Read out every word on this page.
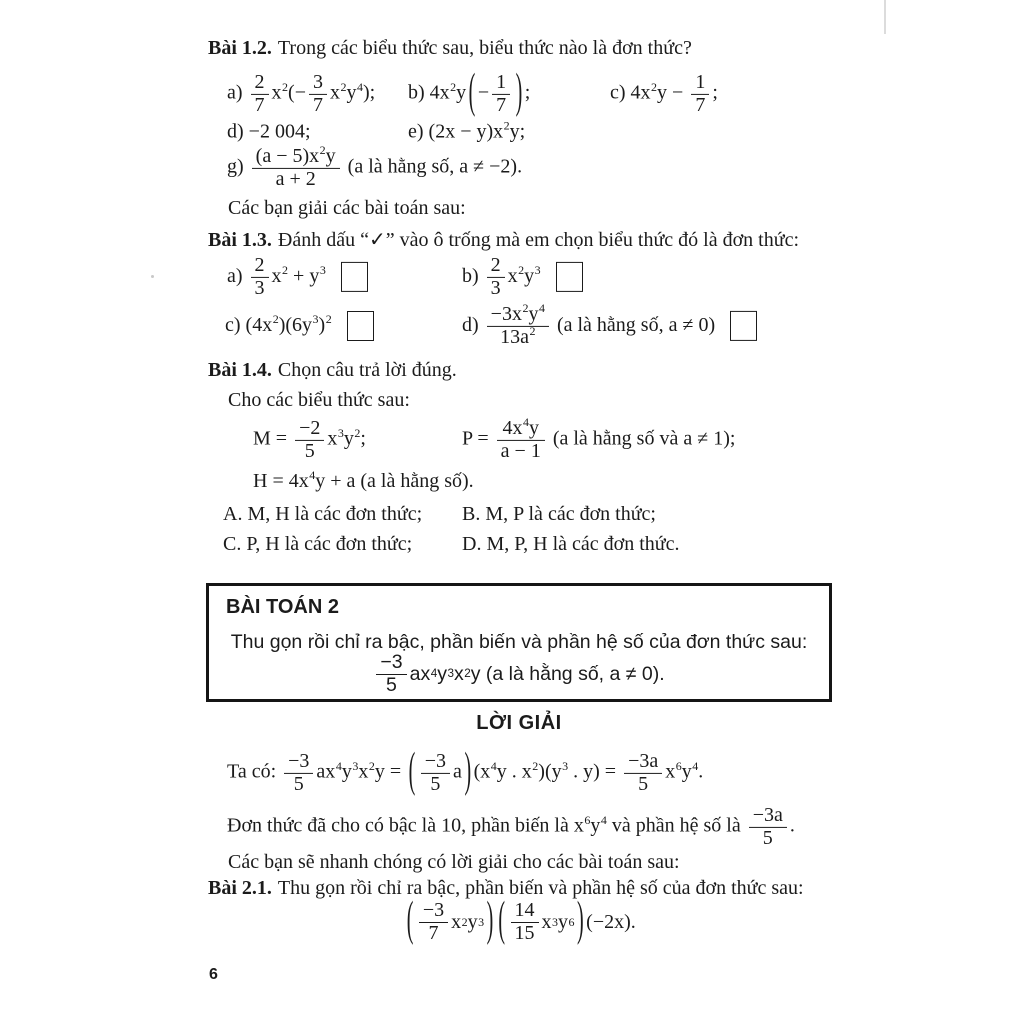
Bài 1.2. Trong các biểu thức sau, biểu thức nào là đơn thức?
$a) \frac{2}{7} x^2(- \frac{3}{7} x^2y^4)$; b) $4x^2y$ ( − $\frac{1}{7}$ ) ;	c) $4x^2y - \frac{1}{7}$ ;
d) −2 004;	e) $(2x - y)x^2y$;
$g) \frac{(a - 5)x^2y}{a + 2} (a$ là hằng số, a ≠ −2).
Các bạn giải các bài toán sau:
Bài 1.3. Đánh dấu “✓” vào ô trống mà em chọn biểu thức đó là đơn thức:
$a) \frac{2}{3} x^2 + y^3$	$b) \frac{2}{3} x^2y^3$
c) $(4x^2)(6y^3)^2$	$d) \frac{-3x^2y^4}{13a^2} (a$ là hằng số, a ≠ 0)
Bài 1.4. Chọn câu trả lời đúng.
Cho các biểu thức sau:
$M = \frac{-2}{5} x^3y^2$;	$P = \frac{4x^4y}{a - 1} (a$ là hằng số và a ≠ 1);
$H = 4x^4y + a$ (a là hằng số).
A. M, H là các đơn thức; B. M, P là các đơn thức;
C. P, H là các đơn thức; D. M, P, H là các đơn thức.
BÀI TOÁN 2
Thu gọn rồi chỉ ra bậc, phần biến và phần hệ số của đơn thức sau:
$\frac{-3}{5}$ ax 4 y 3 x 2 y (a là hằng số, a ≠ 0).
LỜI GIẢI
Ta có: $\frac{-3}{5} ax^4y^3x^2y$ = ( $\frac{-3}{5}$ a ) ($x^4y$ . $x^2)(y^3$ . $y) = \frac{-3a}{5} x^6y^4$.
Đơn thức đã cho có bậc là 10, phần biến là $x^6y^4$ và phần hệ số là $\frac{-3a}{5}$ .
Các bạn sẽ nhanh chóng có lời giải cho các bài toán sau:
Bài 2.1. Thu gọn rồi chỉ ra bậc, phần biến và phần hệ số của đơn thức sau:
( $\frac{-3}{7}$ x 2 y 3 ) ( $\frac{14}{15}$ x 3 y 6 ) (−2x).
6
